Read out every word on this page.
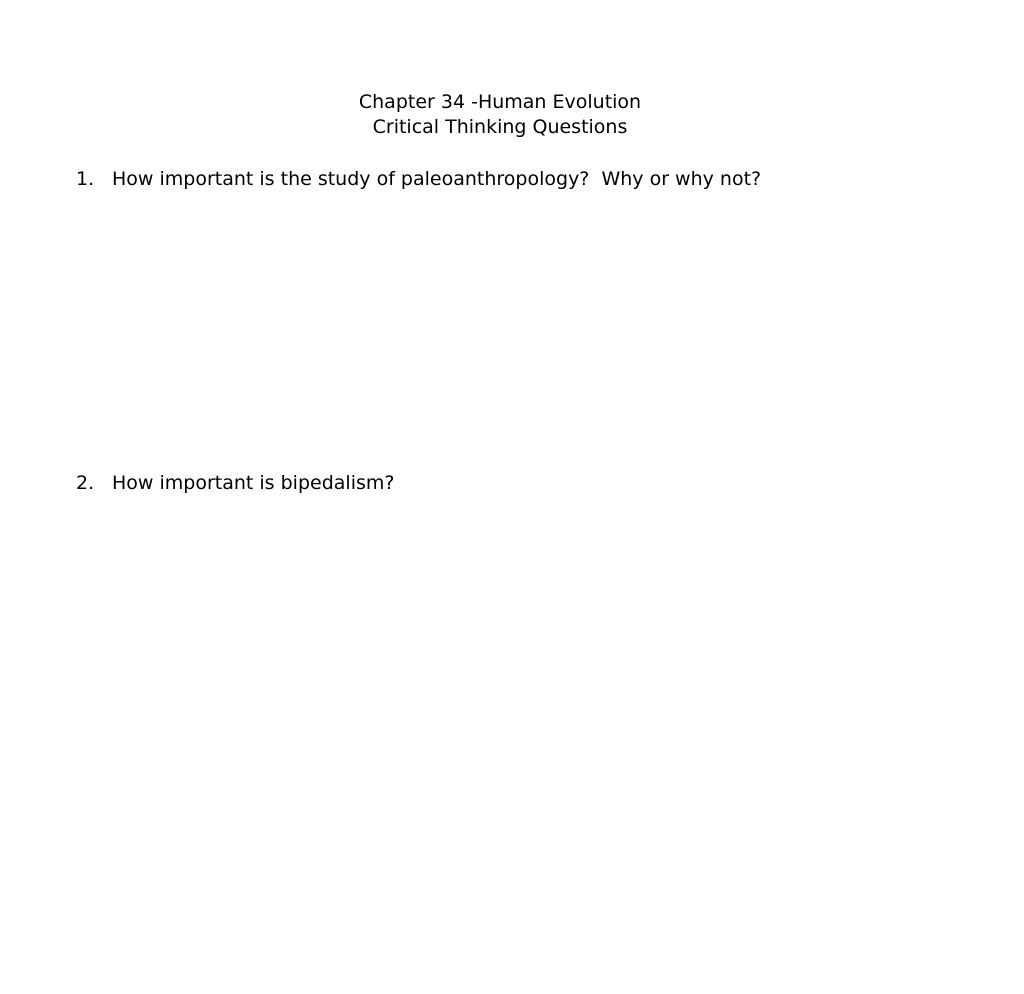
Chapter 34 -Human Evolution
Critical Thinking Questions
1. How important is the study of paleoanthropology?  Why or why not?
2. How important is bipedalism?
